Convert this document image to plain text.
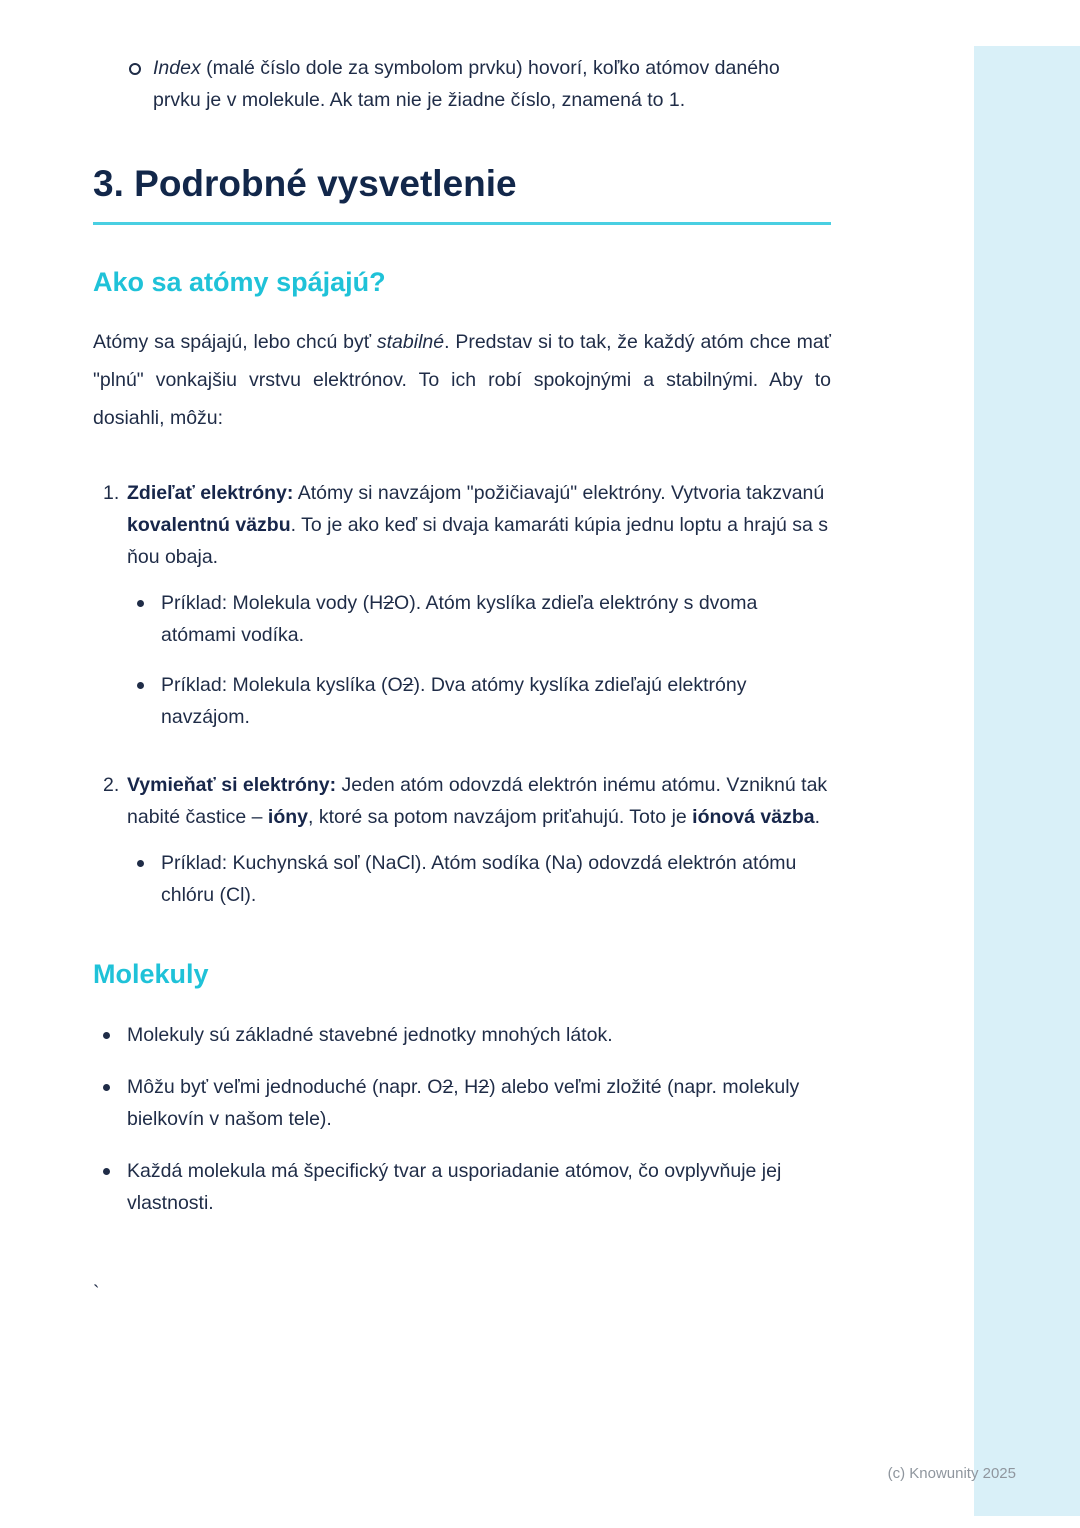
Index (malé číslo dole za symbolom prvku) hovorí, koľko atómov daného prvku je v molekule. Ak tam nie je žiadne číslo, znamená to 1.
3. Podrobné vysvetlenie
Ako sa atómy spájajú?

Atómy sa spájajú, lebo chcú byť stabilné. Predstav si to tak, že každý atóm chce mať "plnú" vonkajšiu vrstvu elektrónov. To ich robí spokojnými a stabilnými. Aby to dosiahli, môžu:

1. Zdieľať elektróny: Atómy si navzájom "požičiavajú" elektróny. Vytvoria takzvanú kovalentnú väzbu. To je ako keď si dvaja kamaráti kúpia jednu loptu a hrajú sa s ňou obaja.

Príklad: Molekula vody (H2O). Atóm kyslíka zdieľa elektróny s dvoma atómami vodíka.
Príklad: Molekula kyslíka (O2). Dva atómy kyslíka zdieľajú elektróny navzájom.
2. Vymieňať si elektróny: Jeden atóm odovzdá elektrón inému atómu. Vzniknú tak nabité častice – ióny, ktoré sa potom navzájom priťahujú. Toto je iónová väzba.

Príklad: Kuchynská soľ (NaCl). Atóm sodíka (Na) odovzdá elektrón atómu chlóru (Cl).
Molekuly
Molekuly sú základné stavebné jednotky mnohých látok.
Môžu byť veľmi jednoduché (napr. O2, H2) alebo veľmi zložité (napr. molekuly bielkovín v našom tele).
Každá molekula má špecifický tvar a usporiadanie atómov, čo ovplyvňuje jej vlastnosti.
`
(c) Knowunity 2025
